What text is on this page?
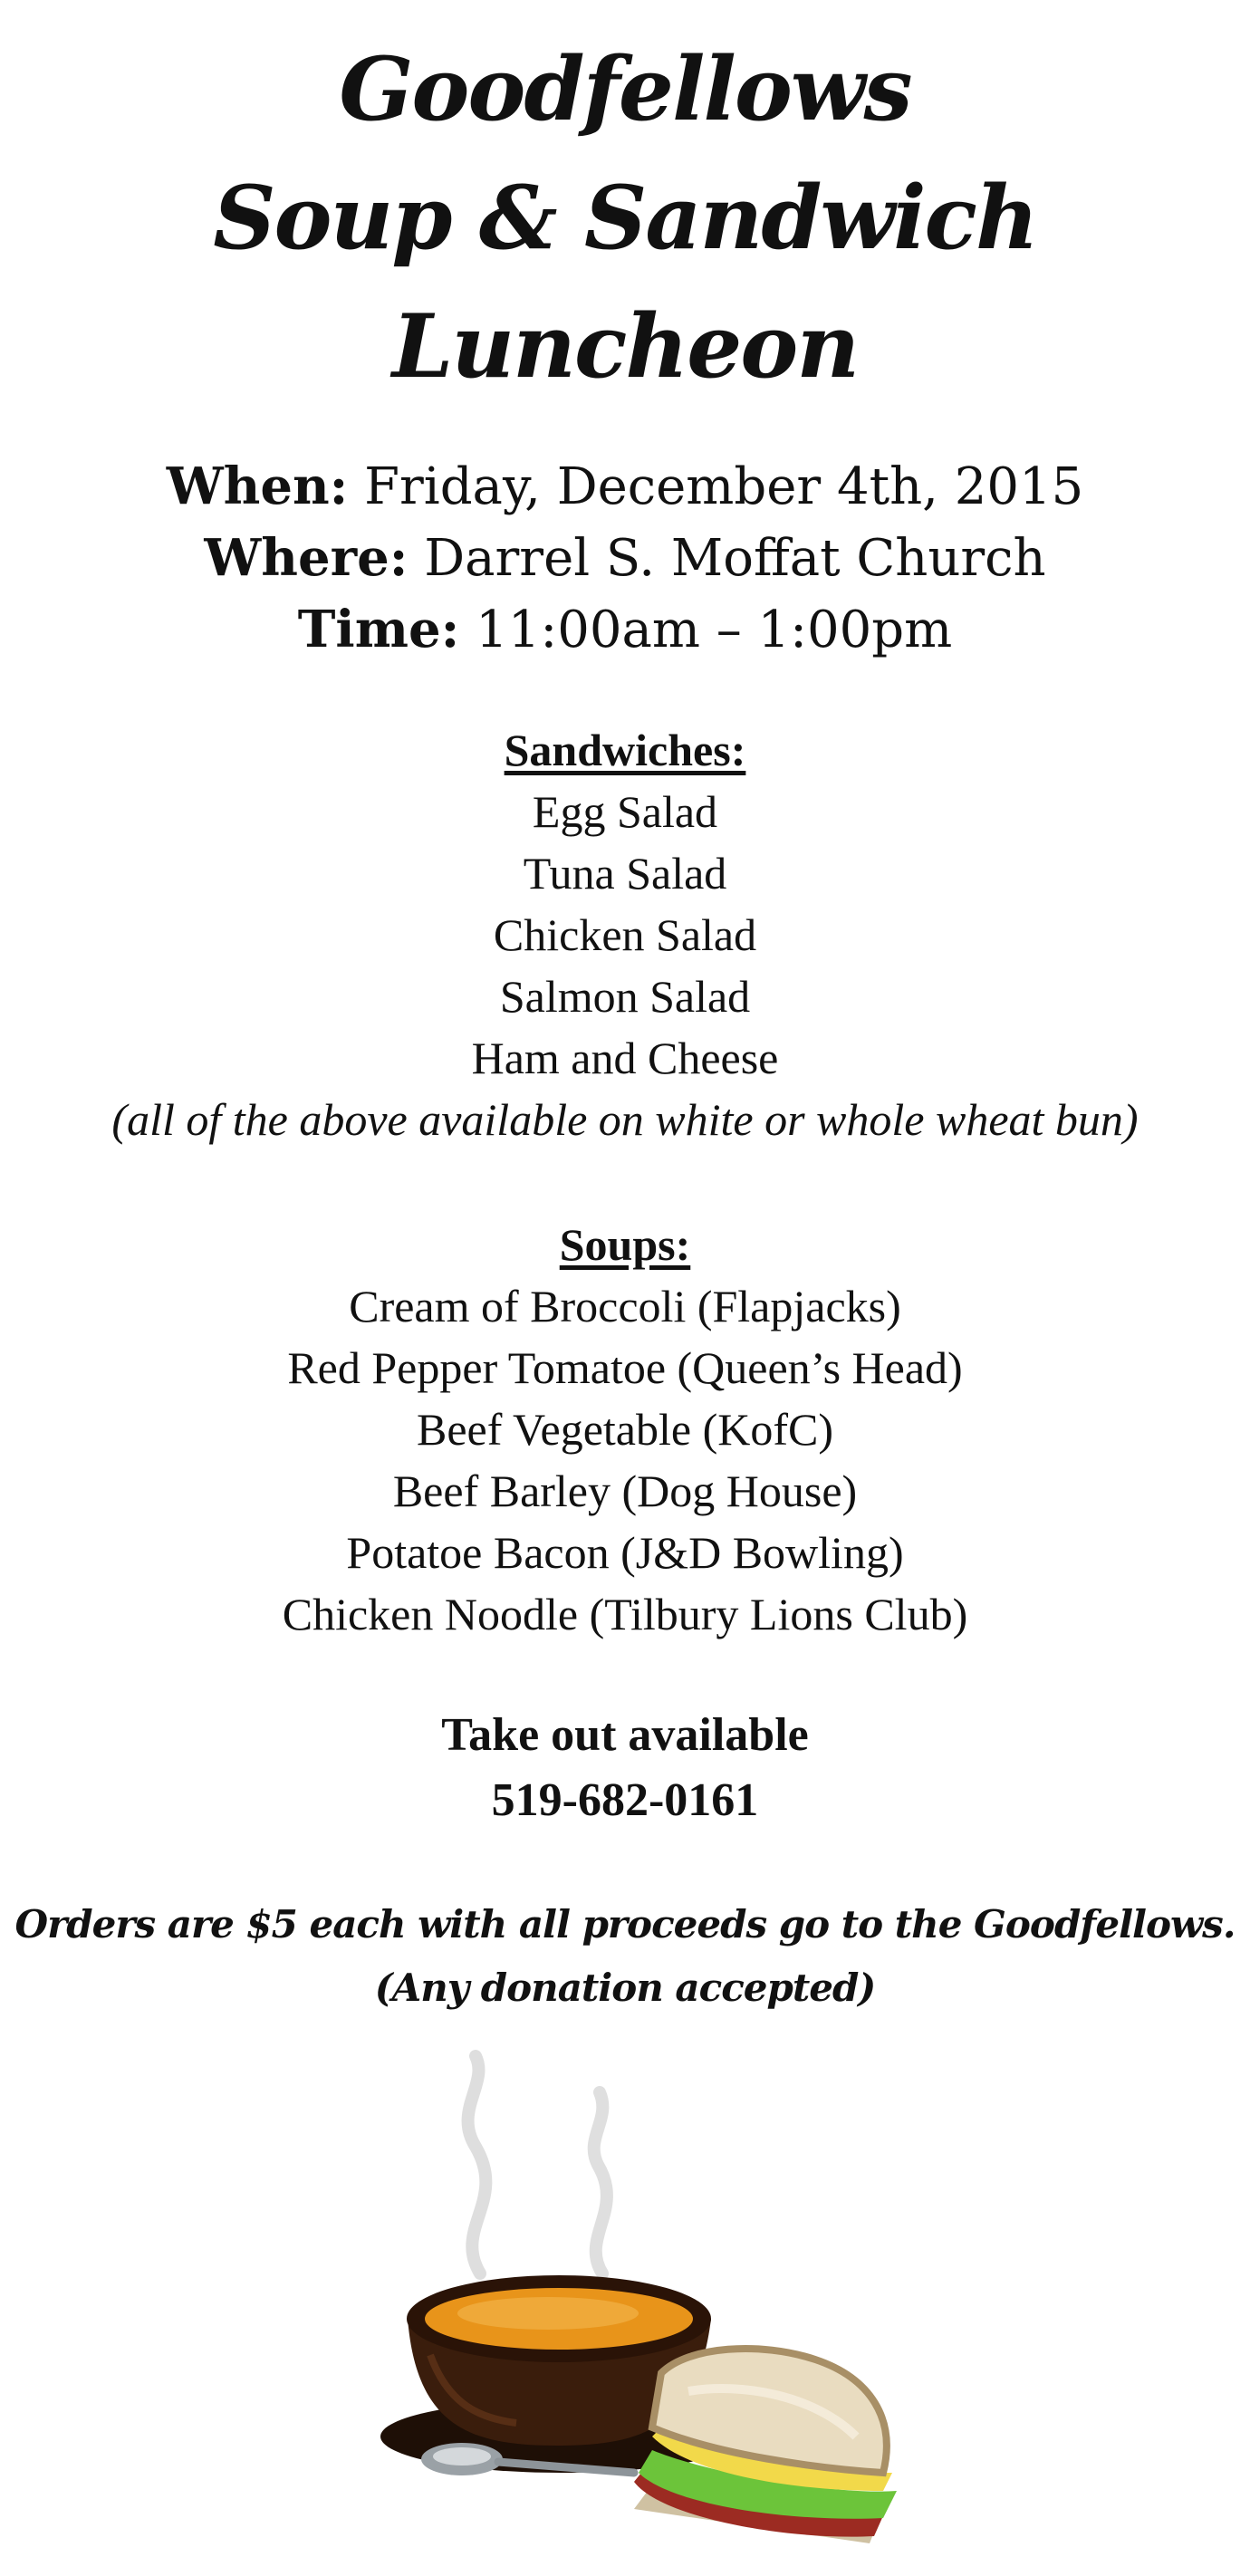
Goodfellows
Soup & Sandwich
Luncheon
When: Friday, December 4th, 2015
Where: Darrel S. Moffat Church
Time: 11:00am – 1:00pm
Sandwiches:
Egg Salad
Tuna Salad
Chicken Salad
Salmon Salad
Ham and Cheese
(all of the above available on white or whole wheat bun)
Soups:
Cream of Broccoli (Flapjacks)
Red Pepper Tomatoe (Queen’s Head)
Beef Vegetable (KofC)
Beef Barley (Dog House)
Potatoe Bacon (J&D Bowling)
Chicken Noodle (Tilbury Lions Club)
Take out available
519-682-0161
Orders are $5 each with all proceeds go to the Goodfellows.
(Any donation accepted)
